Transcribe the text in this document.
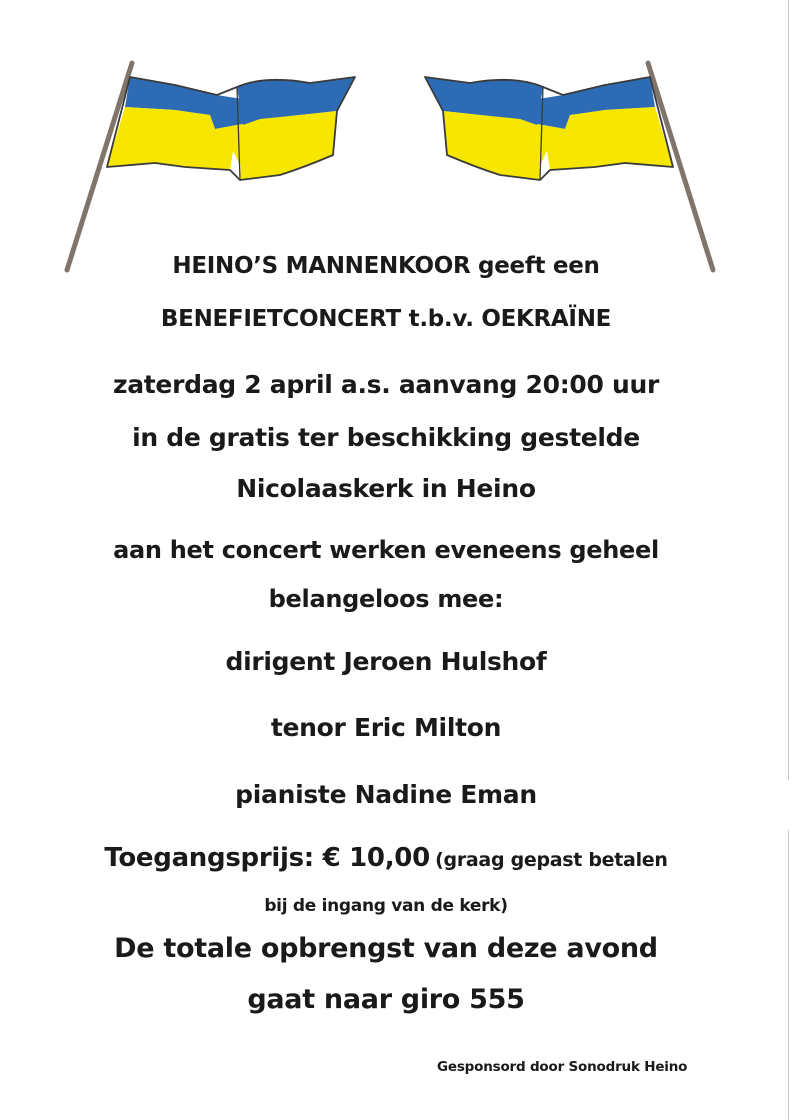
HEINO’S MANNENKOOR geeft een
BENEFIETCONCERT t.b.v. OEKRAÏNE
zaterdag 2 april a.s. aanvang 20:00 uur
in de gratis ter beschikking gestelde
Nicolaaskerk in Heino
aan het concert werken eveneens geheel
belangeloos mee:
dirigent Jeroen Hulshof
tenor Eric Milton
pianiste Nadine Eman
Toegangsprijs: € 10,00 (graag gepast betalen
bij de ingang van de kerk)
De totale opbrengst van deze avond
gaat naar giro 555
Gesponsord door Sonodruk Heino
